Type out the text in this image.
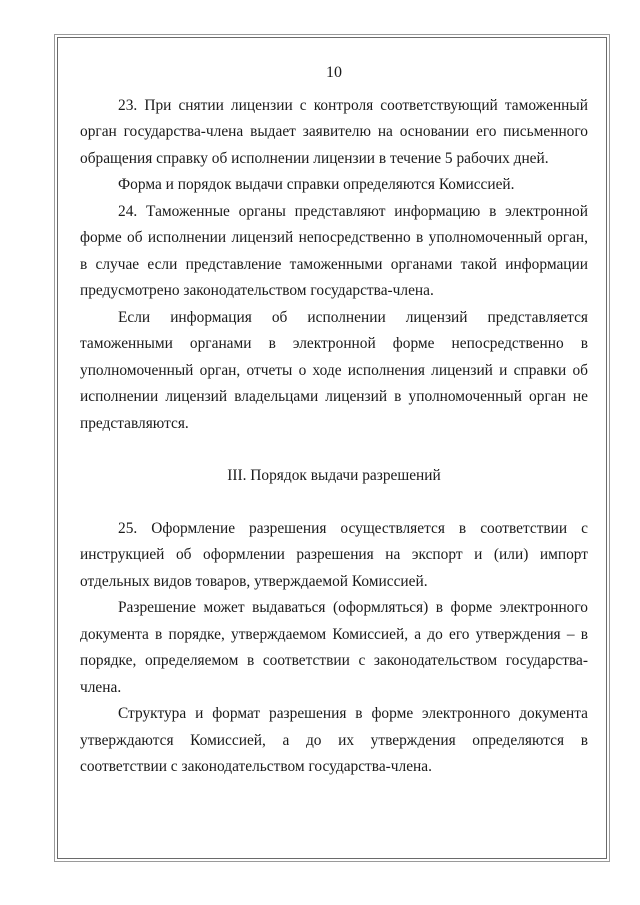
10

23. При снятии лицензии с контроля соответствующий таможенный орган государства-члена выдает заявителю на основании его письменного обращения справку об исполнении лицензии в течение 5 рабочих дней.

Форма и порядок выдачи справки определяются Комиссией.

24. Таможенные органы представляют информацию в электронной форме об исполнении лицензий непосредственно в уполномоченный орган, в случае если представление таможенными органами такой информации предусмотрено законодательством государства-члена.

Если информация об исполнении лицензий представляется таможенными органами в электронной форме непосредственно в уполномоченный орган, отчеты о ходе исполнения лицензий и справки об исполнении лицензий владельцами лицензий в уполномоченный орган не представляются.

III. Порядок выдачи разрешений

25. Оформление разрешения осуществляется в соответствии с инструкцией об оформлении разрешения на экспорт и (или) импорт отдельных видов товаров, утверждаемой Комиссией.

Разрешение может выдаваться (оформляться) в форме электронного документа в порядке, утверждаемом Комиссией, а до его утверждения – в порядке, определяемом в соответствии с законодательством государства-члена.

Структура и формат разрешения в форме электронного документа утверждаются Комиссией, а до их утверждения определяются в соответствии с законодательством государства-члена.
